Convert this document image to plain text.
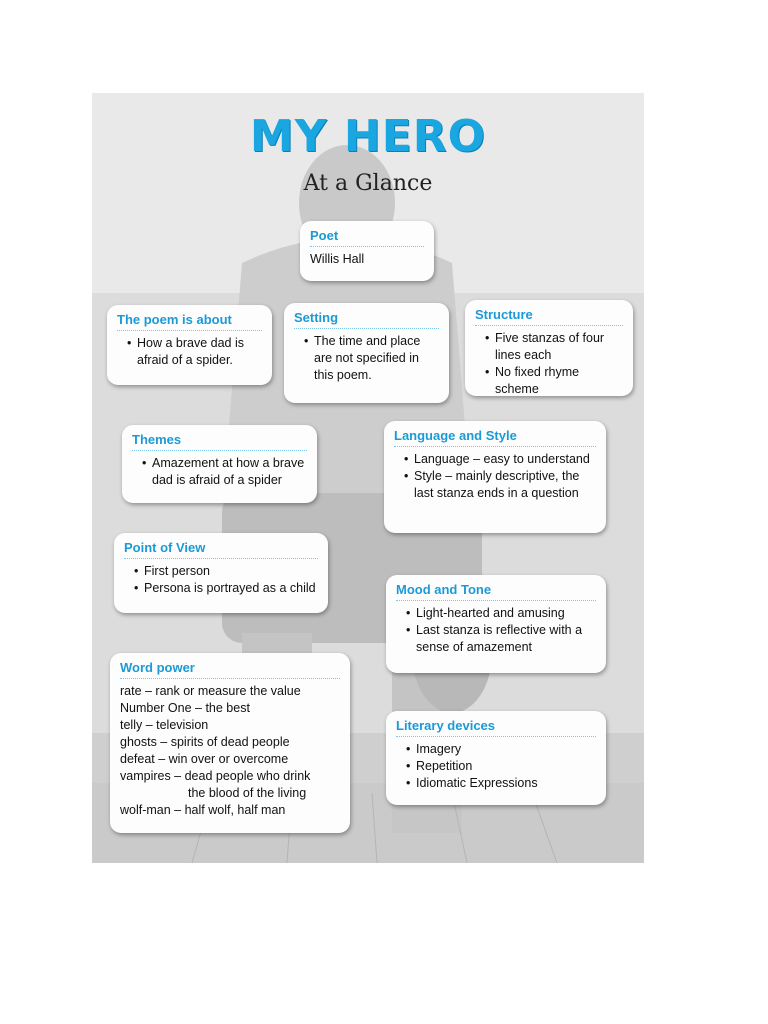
MY HERO
At a Glance
Poet

Willis Hall

The poem is about
• How a brave dad is afraid of a spider.
Setting
• The time and place are not specified in this poem.
Structure
• Five stanzas of four lines each
• No fixed rhyme scheme
Themes
• Amazement at how a brave dad is afraid of a spider
Language and Style
• Language – easy to understand
• Style – mainly descriptive, the last stanza ends in a question
Point of View
• First person
• Persona is portrayed as a child	Mood and Tone
• Light-hearted and amusing
• Last stanza is reflective with a sense of amazement
Word power

rate – rank or measure the value

Number One – the best

telly – television

ghosts – spirits of dead people

defeat – win over or overcome

vampires – dead people who drink

the blood of the living

wolf-man – half wolf, half man

Literary devices
• Imagery
• Repetition
• Idiomatic Expressions
